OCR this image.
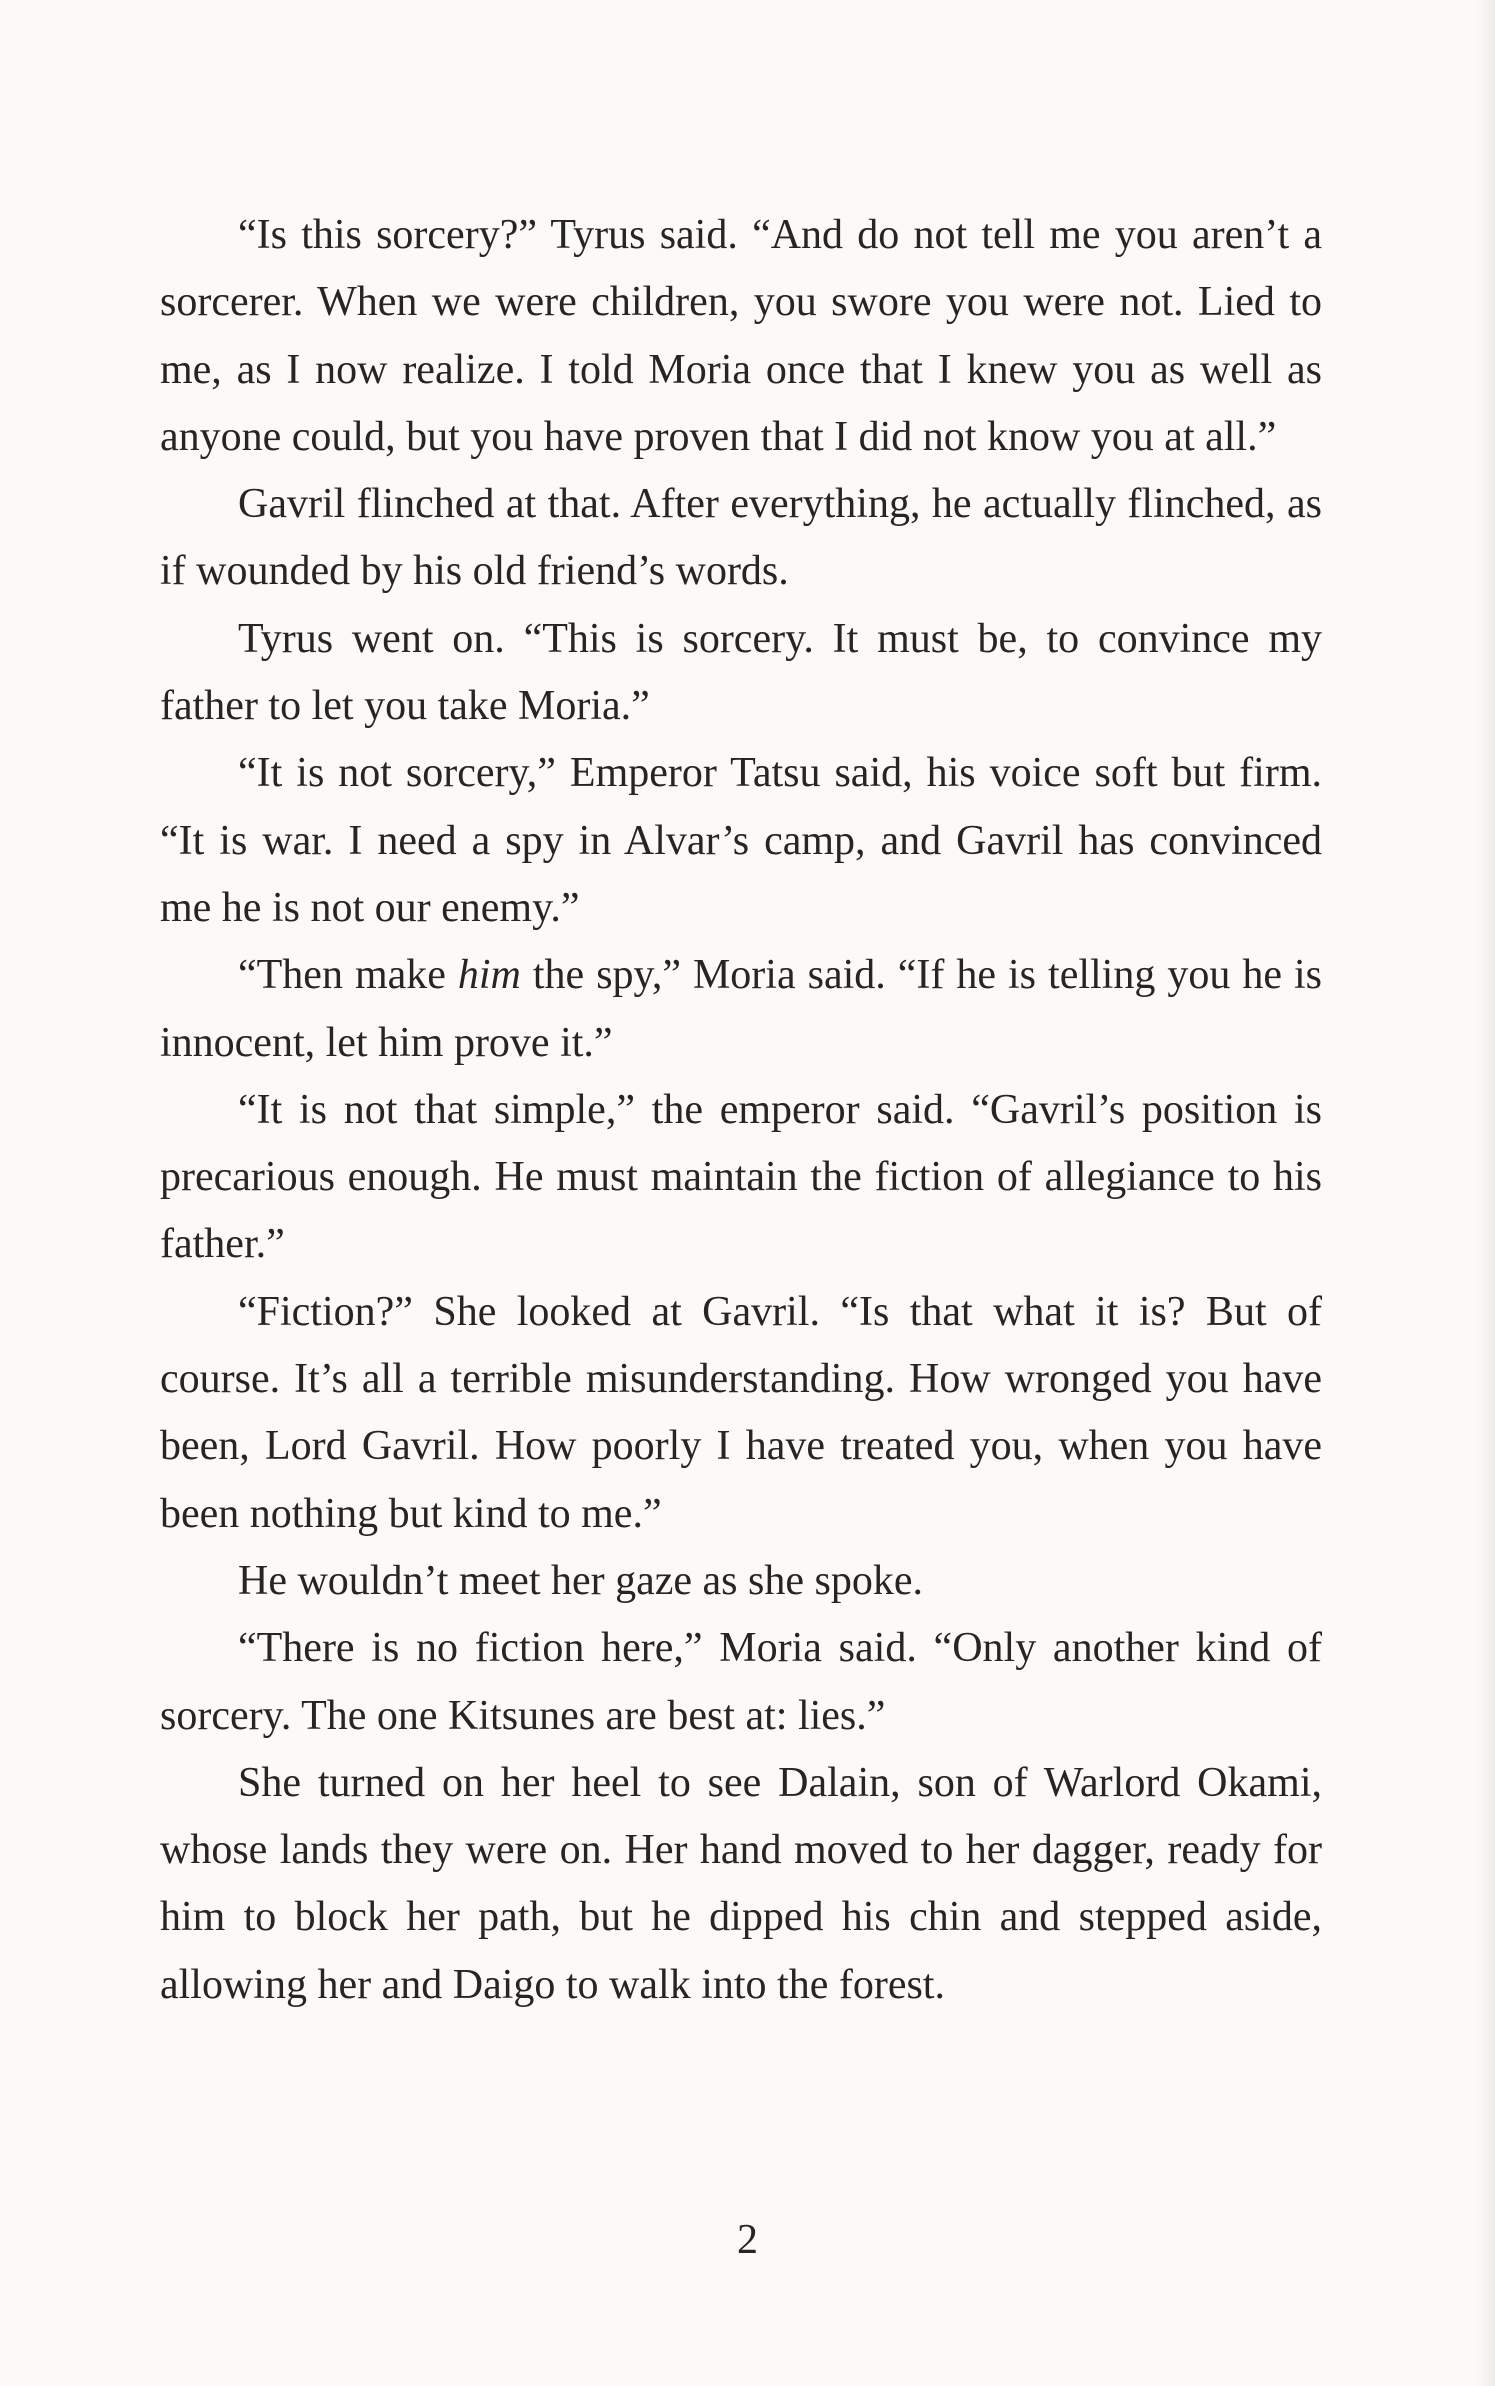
“Is this sorcery?” Tyrus said. “And do not tell me you aren’t a sorcerer. When we were children, you swore you were not. Lied to me, as I now realize. I told Moria once that I knew you as well as anyone could, but you have proven that I did not know you at all.”

Gavril flinched at that. After everything, he actually flinched, as if wounded by his old friend’s words.

Tyrus went on. “This is sorcery. It must be, to convince my father to let you take Moria.”

“It is not sorcery,” Emperor Tatsu said, his voice soft but firm. “It is war. I need a spy in Alvar’s camp, and Gavril has convinced me he is not our enemy.”

“Then make him the spy,” Moria said. “If he is telling you he is innocent, let him prove it.”

“It is not that simple,” the emperor said. “Gavril’s position is precarious enough. He must maintain the fiction of allegiance to his father.”

“Fiction?” She looked at Gavril. “Is that what it is? But of course. It’s all a terrible misunderstanding. How wronged you have been, Lord Gavril. How poorly I have treated you, when you have been nothing but kind to me.”

He wouldn’t meet her gaze as she spoke.

“There is no fiction here,” Moria said. “Only another kind of sorcery. The one Kitsunes are best at: lies.”

She turned on her heel to see Dalain, son of Warlord Okami, whose lands they were on. Her hand moved to her dagger, ready for him to block her path, but he dipped his chin and stepped aside, allowing her and Daigo to walk into the forest.

2
